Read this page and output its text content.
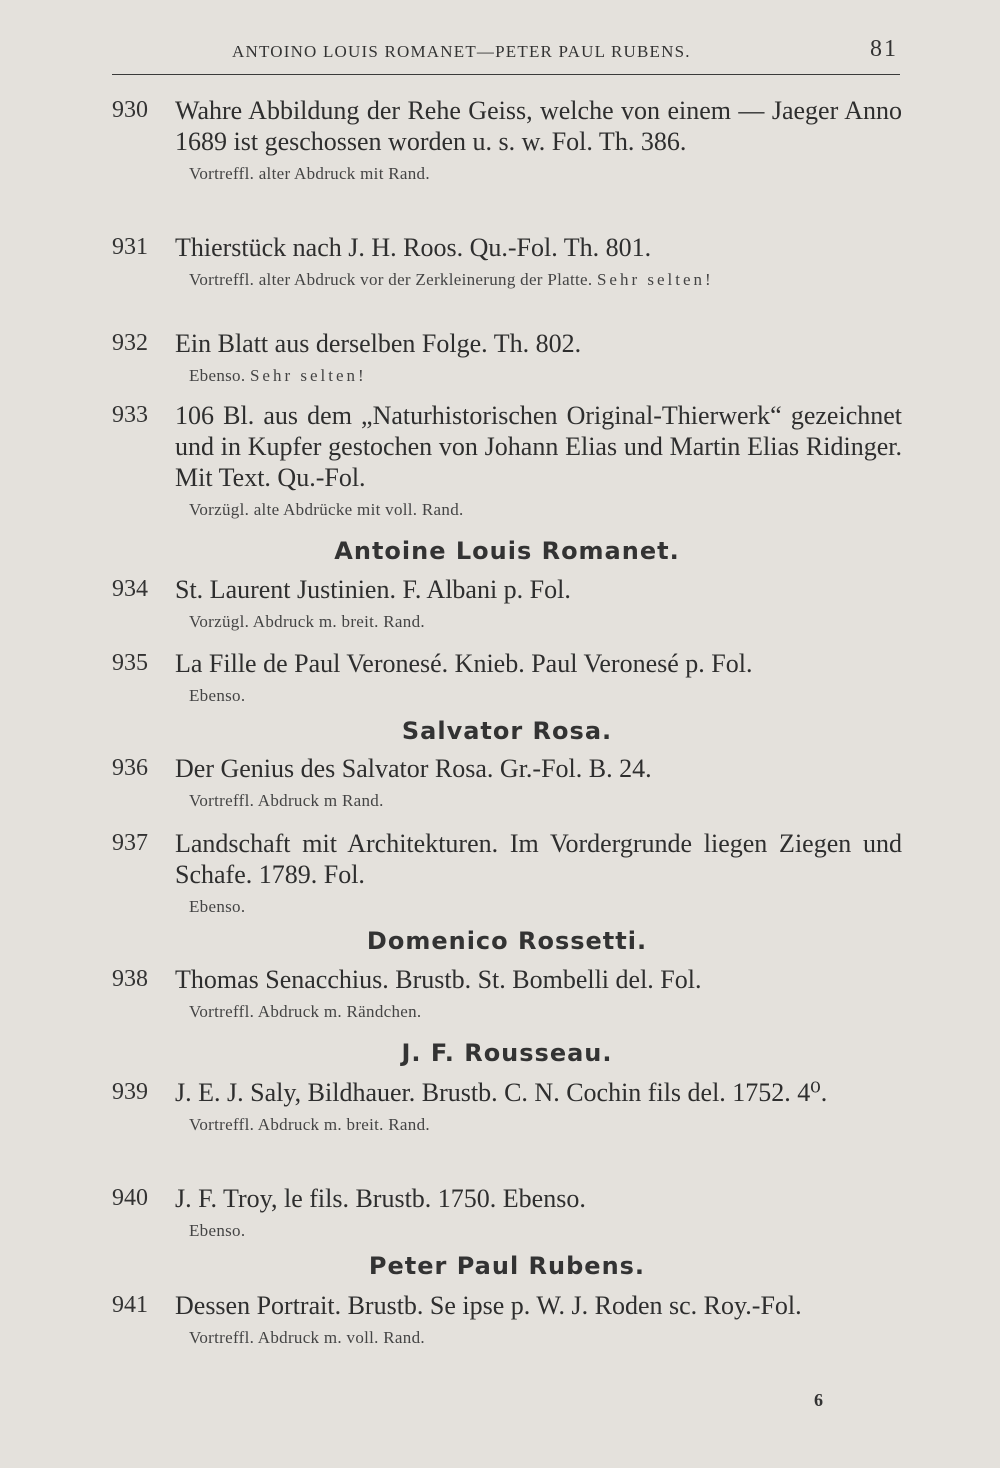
ANTOINO LOUIS ROMANET—PETER PAUL RUBENS.	81
930 Wahre Abbildung der Rehe Geiss, welche von einem — Jaeger Anno 1689 ist geschossen worden u. s. w. Fol. Th. 386.
Vortreffl. alter Abdruck mit Rand.
931 Thierstück nach J. H. Roos. Qu.-Fol. Th. 801.
Vortreffl. alter Abdruck vor der Zerkleinerung der Platte. Sehr selten!
932 Ein Blatt aus derselben Folge. Th. 802.
Ebenso. Sehr selten!
933 106 Bl. aus dem „Naturhistorischen Original-Thierwerk“ gezeichnet und in Kupfer gestochen von Johann Elias und Martin Elias Ridinger. Mit Text. Qu.-Fol.
Vorzügl. alte Abdrücke mit voll. Rand.
Antoine Louis Romanet.
934 St. Laurent Justinien. F. Albani p. Fol.
Vorzügl. Abdruck m. breit. Rand.
935 La Fille de Paul Veronesé. Knieb. Paul Veronesé p. Fol.
Ebenso.
Salvator Rosa.
936 Der Genius des Salvator Rosa. Gr.-Fol. B. 24.
Vortreffl. Abdruck m Rand.
937 Landschaft mit Architekturen. Im Vordergrunde liegen Ziegen und Schafe. 1789. Fol.
Ebenso.
Domenico Rossetti.
938 Thomas Senacchius. Brustb. St. Bombelli del. Fol.
Vortreffl. Abdruck m. Rändchen.
J. F. Rousseau.
939 J. E. J. Saly, Bildhauer. Brustb. C. N. Cochin fils del. 1752. 4⁰.
Vortreffl. Abdruck m. breit. Rand.
940 J. F. Troy, le fils. Brustb. 1750. Ebenso.
Ebenso.
Peter Paul Rubens.
941 Dessen Portrait. Brustb. Se ipse p. W. J. Roden sc. Roy.-Fol.
Vortreffl. Abdruck m. voll. Rand.
6
